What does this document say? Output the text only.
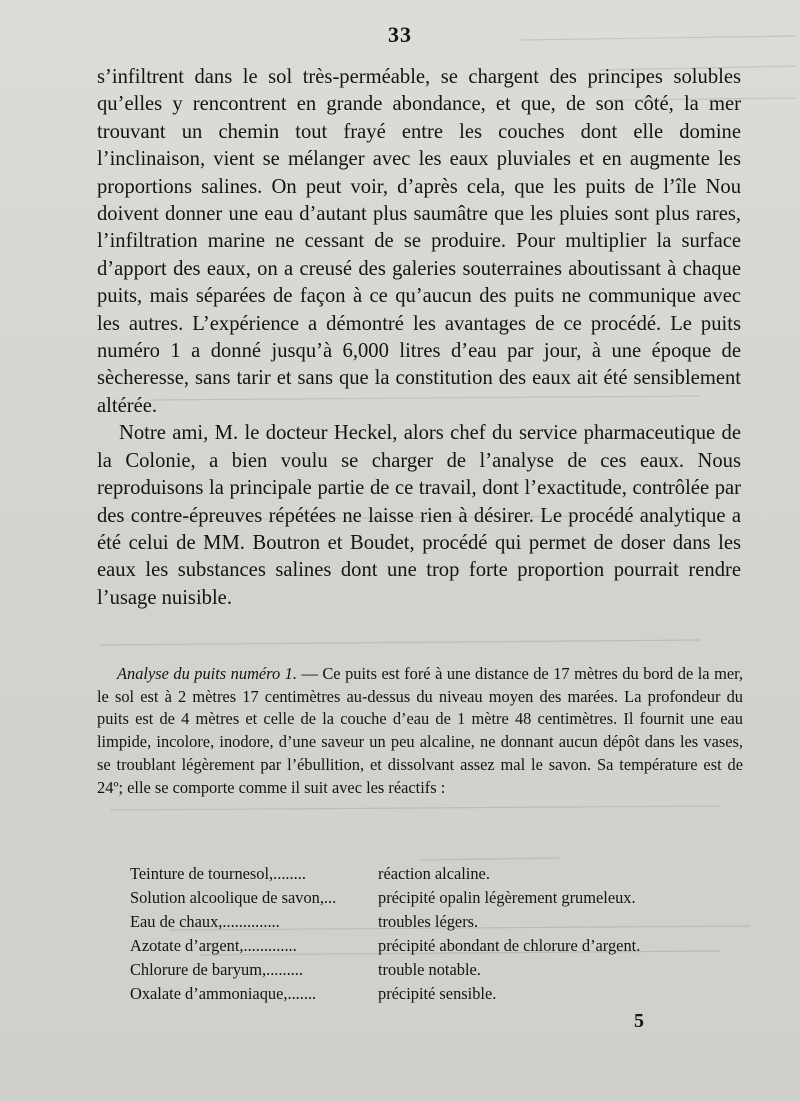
33

s’infiltrent dans le sol très-perméable, se chargent des principes solubles qu’elles y rencontrent en grande abondance, et que, de son côté, la mer trouvant un chemin tout frayé entre les couches dont elle domine l’inclinaison, vient se mélanger avec les eaux pluviales et en augmente les proportions salines. On peut voir, d’après cela, que les puits de l’île Nou doivent donner une eau d’autant plus saumâtre que les pluies sont plus rares, l’infiltration marine ne cessant de se produire. Pour multiplier la surface d’apport des eaux, on a creusé des galeries souterraines aboutissant à chaque puits, mais séparées de façon à ce qu’aucun des puits ne communique avec les autres. L’expérience a démontré les avantages de ce procédé. Le puits numéro 1 a donné jusqu’à 6,000 litres d’eau par jour, à une époque de sècheresse, sans tarir et sans que la constitution des eaux ait été sensiblement altérée.

Notre ami, M. le docteur Heckel, alors chef du service pharmaceutique de la Colonie, a bien voulu se charger de l’analyse de ces eaux. Nous reproduisons la principale partie de ce travail, dont l’exactitude, contrôlée par des contre-épreuves répétées ne laisse rien à désirer. Le procédé analytique a été celui de MM. Boutron et Boudet, procédé qui permet de doser dans les eaux les substances salines dont une trop forte proportion pourrait rendre l’usage nuisible.

Analyse du puits numéro 1. — Ce puits est foré à une distance de 17 mètres du bord de la mer, le sol est à 2 mètres 17 centimètres au-dessus du niveau moyen des marées. La profondeur du puits est de 4 mètres et celle de la couche d’eau de 1 mètre 48 centimètres. Il fournit une eau limpide, incolore, inodore, d’une saveur un peu alcaline, ne donnant aucun dépôt dans les vases, se troublant légèrement par l’ébullition, et dissolvant assez mal le savon. Sa température est de 24º; elle se comporte comme il suit avec les réactifs :

Teinture de tournesol,........	réaction alcaline.
Solution alcoolique de savon,...	précipité opalin légèrement grumeleux.
Eau de chaux,..............	troubles légers.
Azotate d’argent,.............	précipité abondant de chlorure d’argent.
Chlorure de baryum,.........	trouble notable.
Oxalate d’ammoniaque,.......	précipité sensible.
5
